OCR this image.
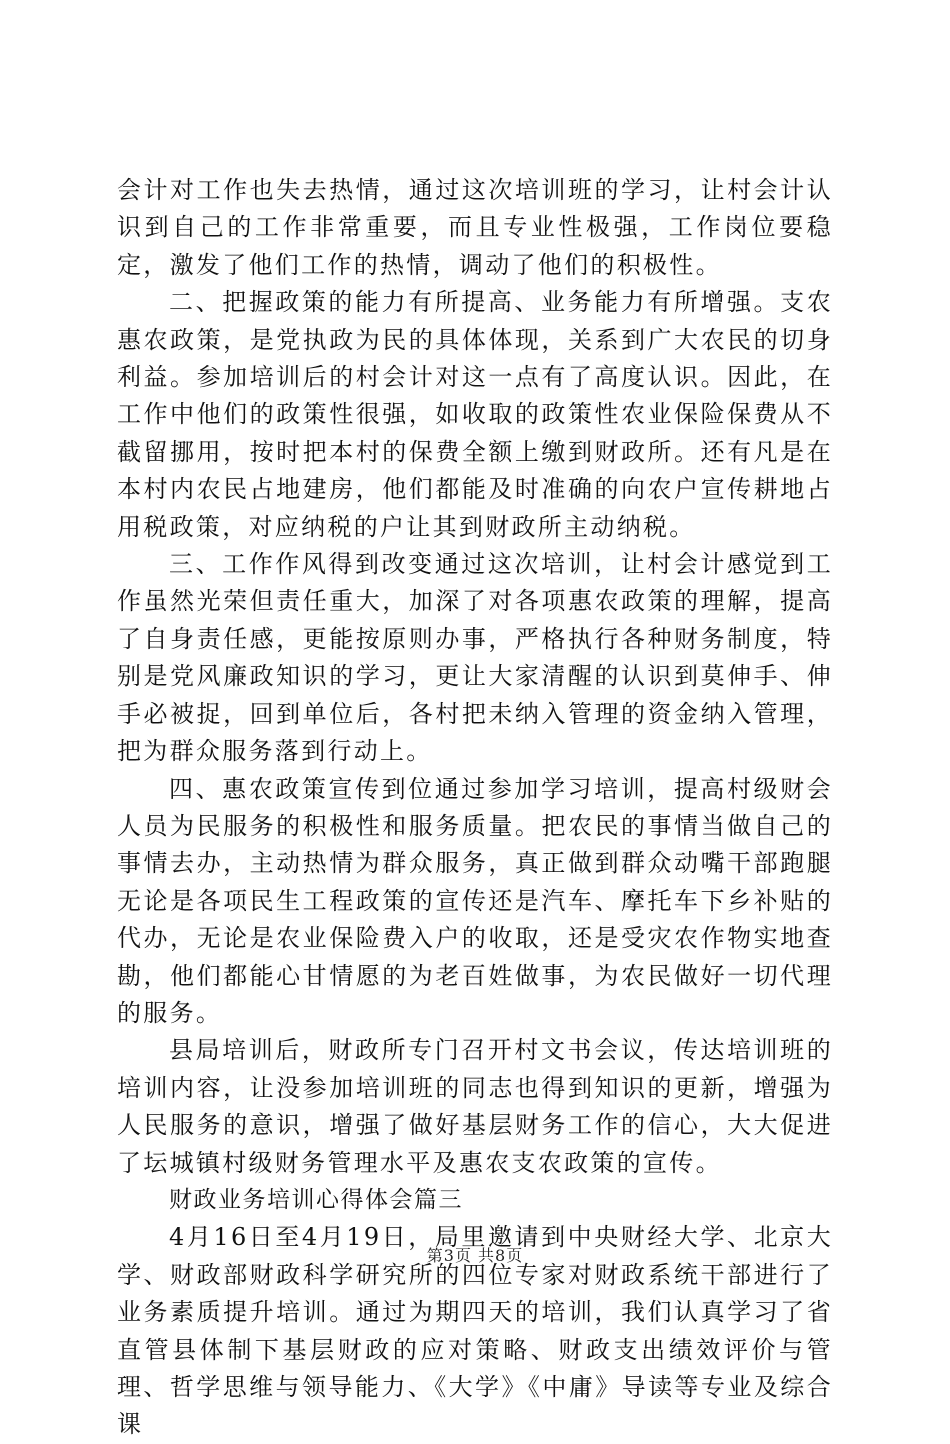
会计对工作也失去热情，通过这次培训班的学习，让村会计认识到自己的工作非常重要，而且专业性极强，工作岗位要稳定，激发了他们工作的热情，调动了他们的积极性。

二、把握政策的能力有所提高、业务能力有所增强。支农惠农政策，是党执政为民的具体体现，关系到广大农民的切身利益。参加培训后的村会计对这一点有了高度认识。因此，在工作中他们的政策性很强，如收取的政策性农业保险保费从不截留挪用，按时把本村的保费全额上缴到财政所。还有凡是在本村内农民占地建房，他们都能及时准确的向农户宣传耕地占用税政策，对应纳税的户让其到财政所主动纳税。

三、工作作风得到改变通过这次培训，让村会计感觉到工作虽然光荣但责任重大，加深了对各项惠农政策的理解，提高了自身责任感，更能按原则办事，严格执行各种财务制度，特别是党风廉政知识的学习，更让大家清醒的认识到莫伸手、伸手必被捉，回到单位后，各村把未纳入管理的资金纳入管理，把为群众服务落到行动上。

四、惠农政策宣传到位通过参加学习培训，提高村级财会人员为民服务的积极性和服务质量。把农民的事情当做自己的事情去办，主动热情为群众服务，真正做到群众动嘴干部跑腿无论是各项民生工程政策的宣传还是汽车、摩托车下乡补贴的代办，无论是农业保险费入户的收取，还是受灾农作物实地查勘，他们都能心甘情愿的为老百姓做事，为农民做好一切代理的服务。

县局培训后，财政所专门召开村文书会议，传达培训班的培训内容，让没参加培训班的同志也得到知识的更新，增强为人民服务的意识，增强了做好基层财务工作的信心，大大促进了坛城镇村级财务管理水平及惠农支农政策的宣传。

财政业务培训心得体会篇三

4月16日至4月19日，局里邀请到中央财经大学、北京大学、财政部财政科学研究所的四位专家对财政系统干部进行了业务素质提升培训。通过为期四天的培训，我们认真学习了省直管县体制下基层财政的应对策略、财政支出绩效评价与管理、哲学思维与领导能力、《大学》《中庸》导读等专业及综合课

第3页 共8页
